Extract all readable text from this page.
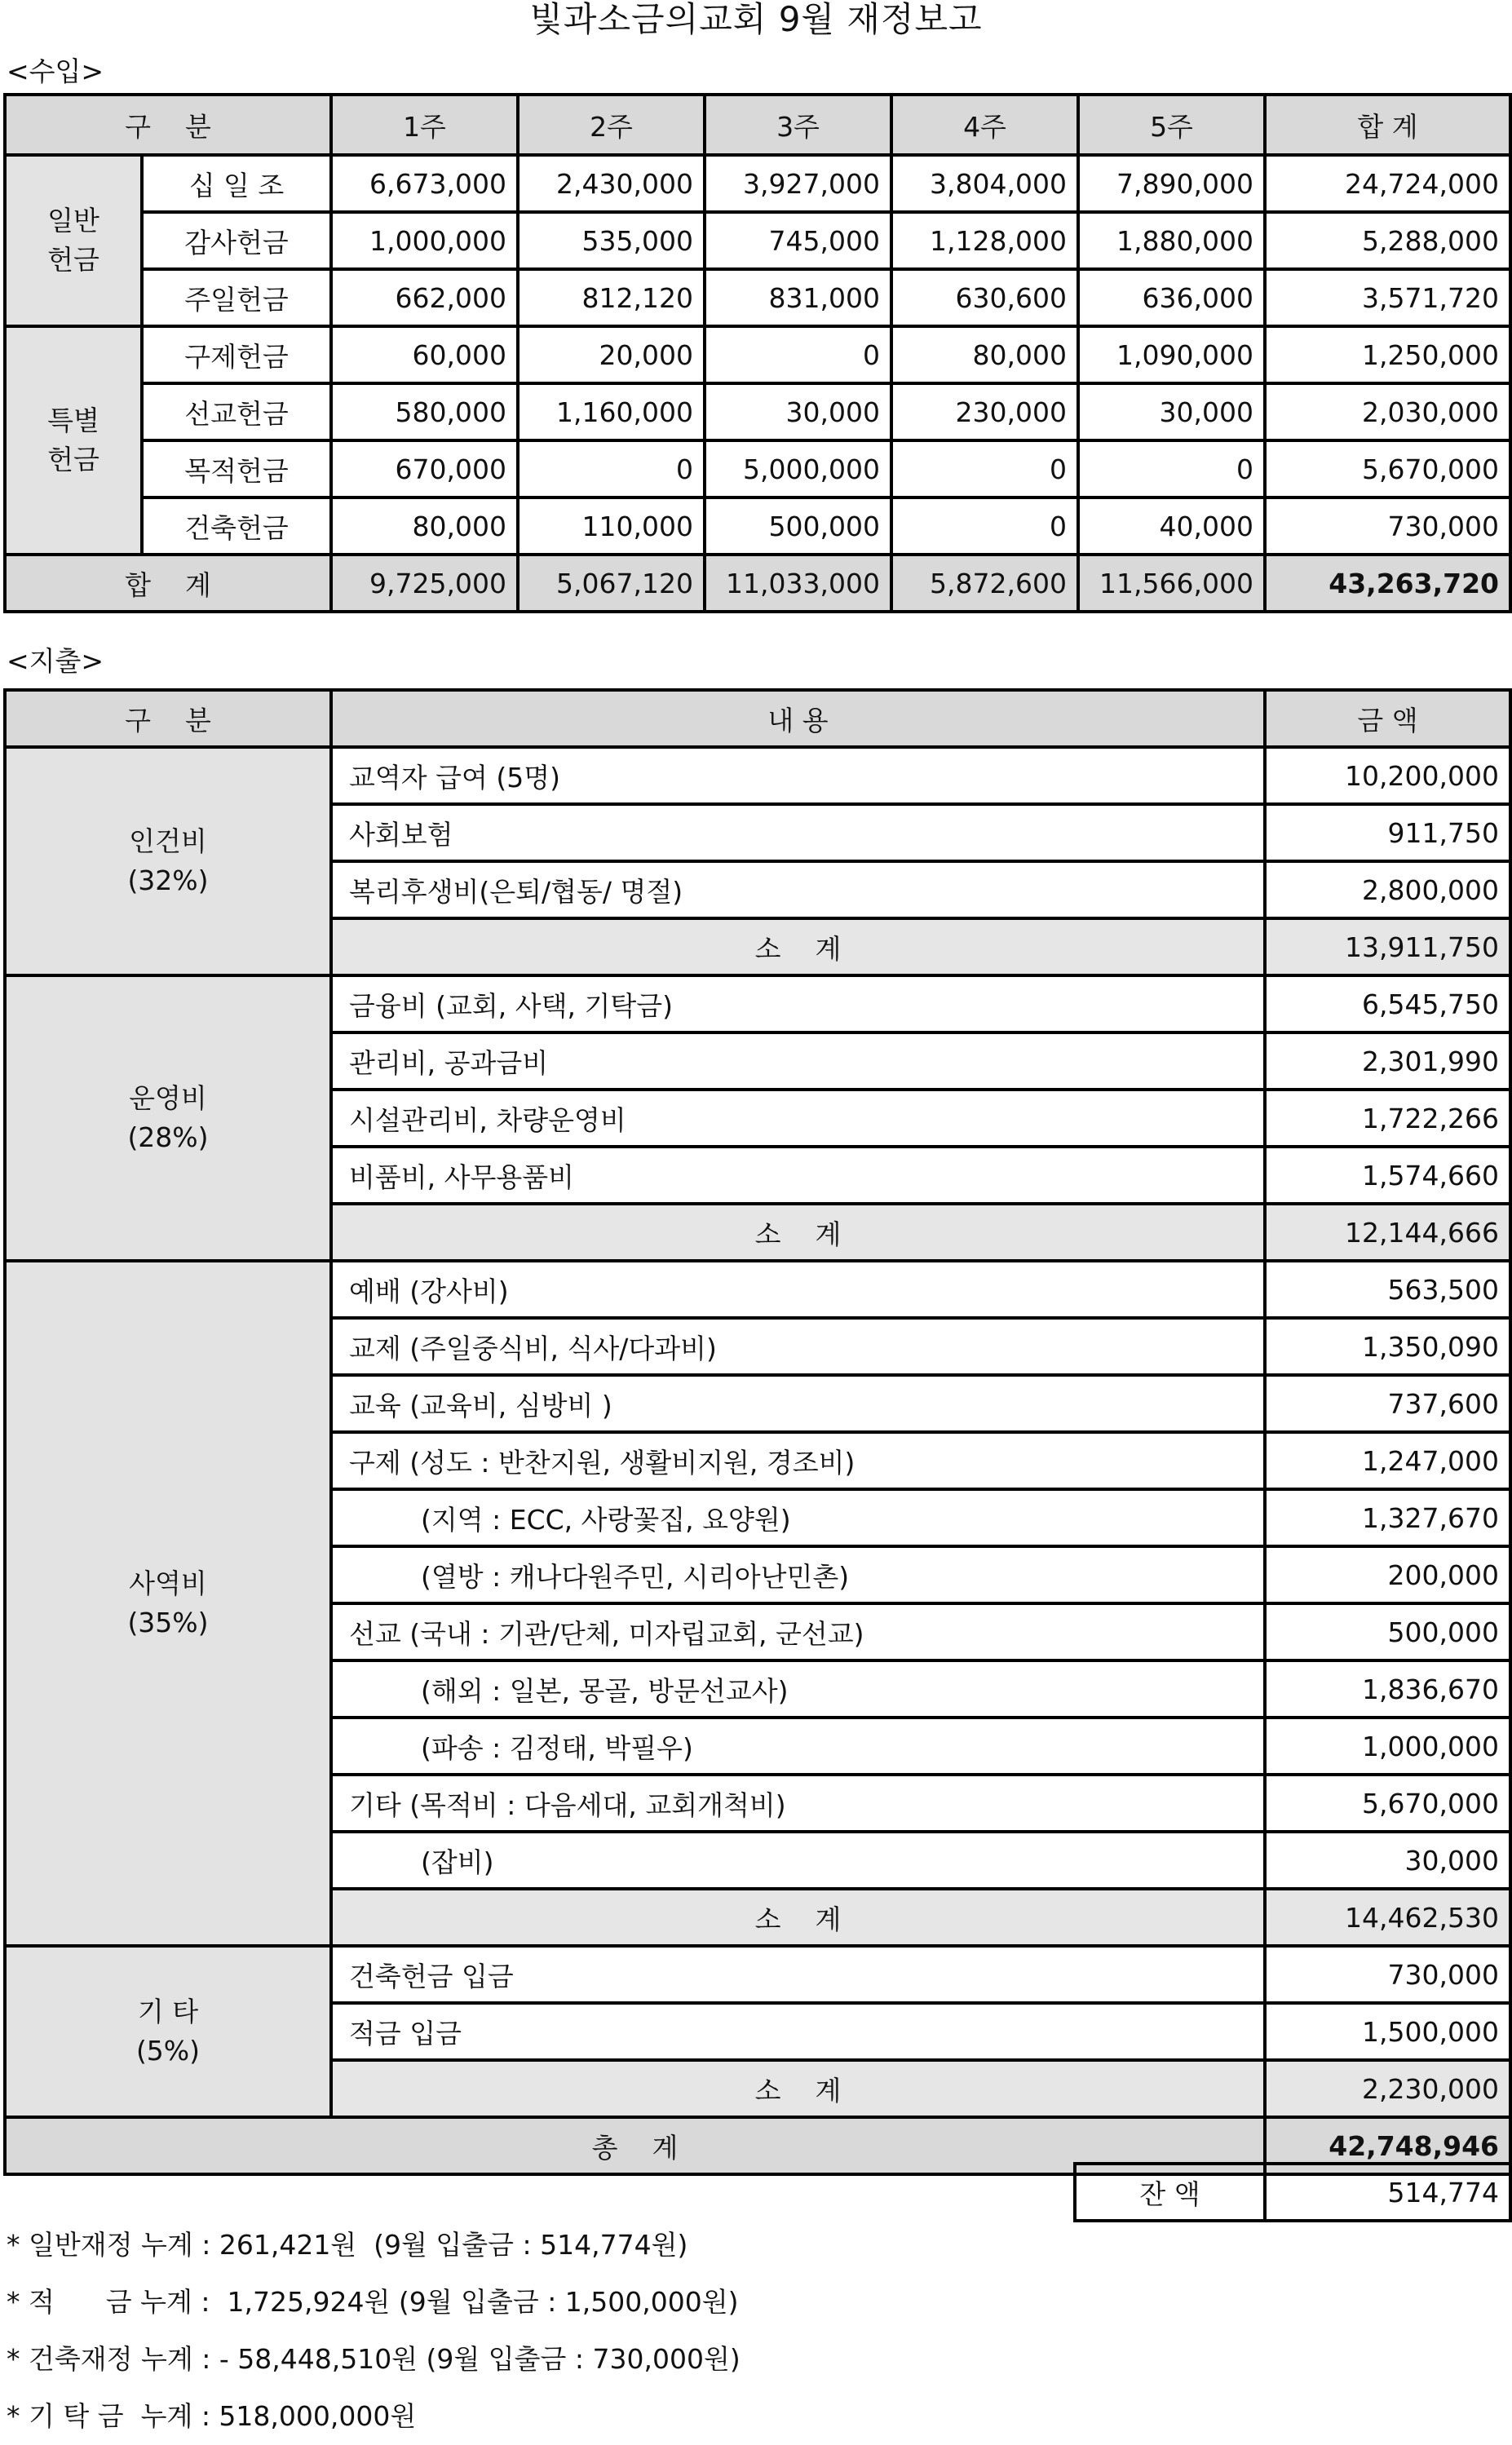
빛과소금의교회 9월 재정보고
<수입>
구    분		1주	2주	3주	4주	5주	합 계

일반
헌금	십 일 조	6,673,000	2,430,000	3,927,000	3,804,000	7,890,000	24,724,000
	감사헌금	1,000,000	535,000	745,000	1,128,000	1,880,000	5,288,000
	주일헌금	662,000	812,120	831,000	630,600	636,000	3,571,720

특별
헌금	구제헌금	60,000	20,000	0	80,000	1,090,000	1,250,000
	선교헌금	580,000	1,160,000	30,000	230,000	30,000	2,030,000
	목적헌금	670,000	0	5,000,000	0	0	5,670,000
	건축헌금	80,000	110,000	500,000	0	40,000	730,000
합    계		9,725,000	5,067,120	11,033,000	5,872,600	11,566,000	43,263,720
<지출>
구    분	내 용	금 액

인건비
(32%)	교역자 급여 (5명)	10,200,000
	사회보험	911,750
	복리후생비(은퇴/협동/ 명절)	2,800,000
	소    계	13,911,750

운영비
(28%)	금융비 (교회, 사택, 기탁금)	6,545,750
	관리비, 공과금비	2,301,990
	시설관리비, 차량운영비	1,722,266
	비품비, 사무용품비	1,574,660
	소    계	12,144,666

사역비
(35%)	예배 (강사비)	563,500
	교제 (주일중식비, 식사/다과비)	1,350,090
	교육 (교육비, 심방비 )	737,600
	구제 (성도 : 반찬지원, 생활비지원, 경조비)	1,247,000
	(지역 : ECC, 사랑꽃집, 요양원)	1,327,670
	(열방 : 캐나다원주민, 시리아난민촌)	200,000
	선교 (국내 : 기관/단체, 미자립교회, 군선교)	500,000
	(해외 : 일본, 몽골, 방문선교사)	1,836,670
	(파송 : 김정태, 박필우)	1,000,000
	기타 (목적비 : 다음세대, 교회개척비)	5,670,000
	(잡비)	30,000
	소    계	14,462,530

기 타
(5%)	건축헌금 입금	730,000
	적금 입금	1,500,000
	소    계	2,230,000
총    계		42,748,946
잔 액	514,774
* 일반재정 누계 : 261,421원  (9월 입출금 : 514,774원)
* 적      금 누계 :  1,725,924원 (9월 입출금 : 1,500,000원)
* 건축재정 누계 : - 58,448,510원 (9월 입출금 : 730,000원)
* 기 탁 금  누계 : 518,000,000원
